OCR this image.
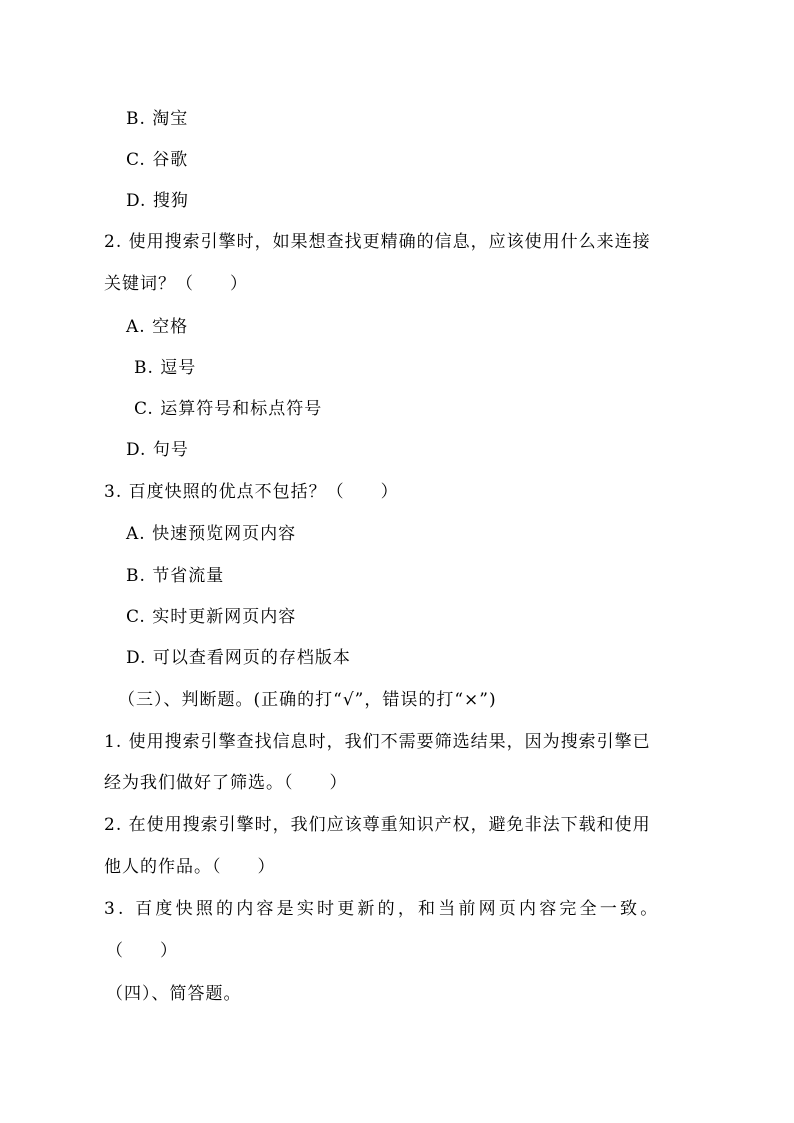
B. 淘宝
C. 谷歌
D. 搜狗
2. 使用搜索引擎时，如果想查找更精确的信息，应该使用什么来连接
关键词？（　　）
A. 空格
B. 逗号
C. 运算符号和标点符号
D. 句号
3. 百度快照的优点不包括？（　　）
A. 快速预览网页内容
B. 节省流量
C. 实时更新网页内容
D. 可以查看网页的存档版本
（三）、判断题。(正确的打“√”，错误的打“×”)
1. 使用搜索引擎查找信息时，我们不需要筛选结果，因为搜索引擎已
经为我们做好了筛选。（　　）
2. 在使用搜索引擎时，我们应该尊重知识产权，避免非法下载和使用
他人的作品。（　　）
3. 百度快照的内容是实时更新的，和当前网页内容完全一致。
（　　）
（四）、简答题。
